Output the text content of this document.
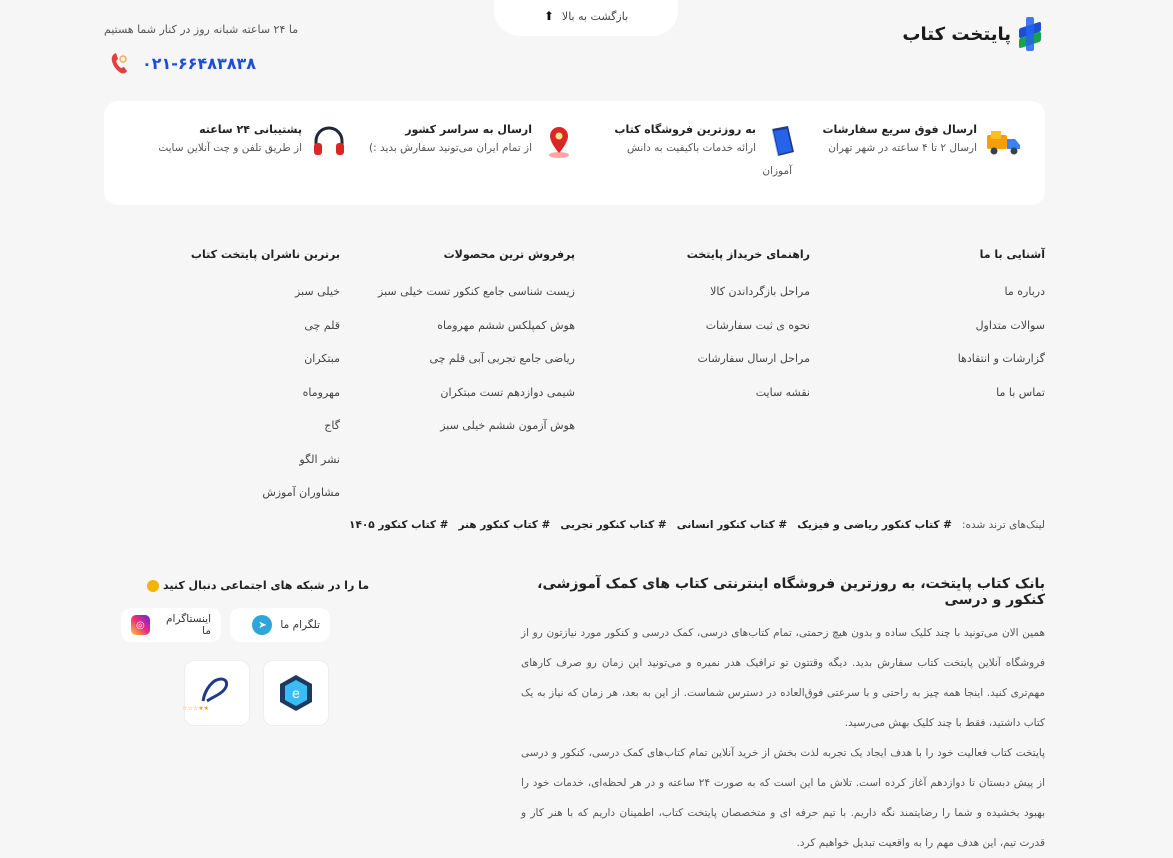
بازگشت به بالا
⬆
پایتخت کتاب
ما ۲۴ ساعته شبانه روز در کنار شما هستیم
۰۲۱-۶۶۴۸۳۸۳۸
ارسال فوق سریع سفارشات
ارسال ۲ تا ۴ ساعته در شهر تهران
به روزترین فروشگاه کتاب
ارائه خدمات باکیفیت به دانش
آموزان
ارسال به سراسر کشور
از تمام ایران می‌تونید سفارش بدید :)
پشتیبانی ۲۴ ساعته
از طریق تلفن و چت آنلاین سایت
آشنایی با ما
درباره ما
سوالات متداول
گزارشات و انتقادها
تماس با ما
راهنمای خریداز پایتخت
مراحل بازگرداندن کالا
نحوه ی ثبت سفارشات
مراحل ارسال سفارشات
نقشه سایت
پرفروش ترین محصولات
زیست شناسی جامع کنکور تست خیلی سبز
هوش کمپلکس ششم مهروماه
ریاضی جامع تجربی آبی قلم چی
شیمی دوازدهم تست مبتکران
هوش آزمون ششم خیلی سبز
برترین ناشران پایتخت کتاب
خیلی سبز
قلم چی
مبتکران
مهروماه
گاج
نشر الگو
مشاوران آموزش
لینک‌های ترند شده:
# کتاب کنکور ریاضی و فیزیک
# کتاب کنکور انسانی
# کتاب کنکور تجربی
# کتاب کنکور هنر
# کتاب کنکور ۱۴۰۵
بانک کتاب پایتخت، به روزترین فروشگاه اینترنتی کتاب های کمک آموزشی، کنکور و درسی

همین الان می‌تونید با چند کلیک ساده و بدون هیچ زحمتی، تمام کتاب‌های درسی، کمک درسی و کنکور مورد نیازتون رو از فروشگاه آنلاین پایتخت کتاب سفارش بدید. دیگه وقتتون تو ترافیک هدر نمیره و می‌تونید این زمان رو صرف کارهای مهم‌تری کنید. اینجا همه چیز به راحتی و با سرعتی فوق‌العاده در دسترس شماست. از این به بعد، هر زمان که نیاز به یک کتاب داشتید، فقط با چند کلیک بهش می‌رسید.

پایتخت کتاب فعالیت خود را با هدف ایجاد یک تجربه لذت بخش از خرید آنلاین تمام کتاب‌های کمک درسی، کنکور و درسی از پیش دبستان تا دوازدهم آغاز کرده است. تلاش ما این است که به صورت ۲۴ ساعته و در هر لحظه‌ای، خدمات خود را بهبود بخشیده و شما را رضایتمند نگه داریم. با تیم حرفه ای و متخصصان پایتخت کتاب، اطمینان داریم که با هنر کار و قدرت تیم، این هدف مهم را به واقعیت تبدیل خواهیم کرد.

ما را در شبکه های اجتماعی دنبال کنید
تلگرام ما
➤
اینستاگرام ما
◎
e
★★☆☆☆
